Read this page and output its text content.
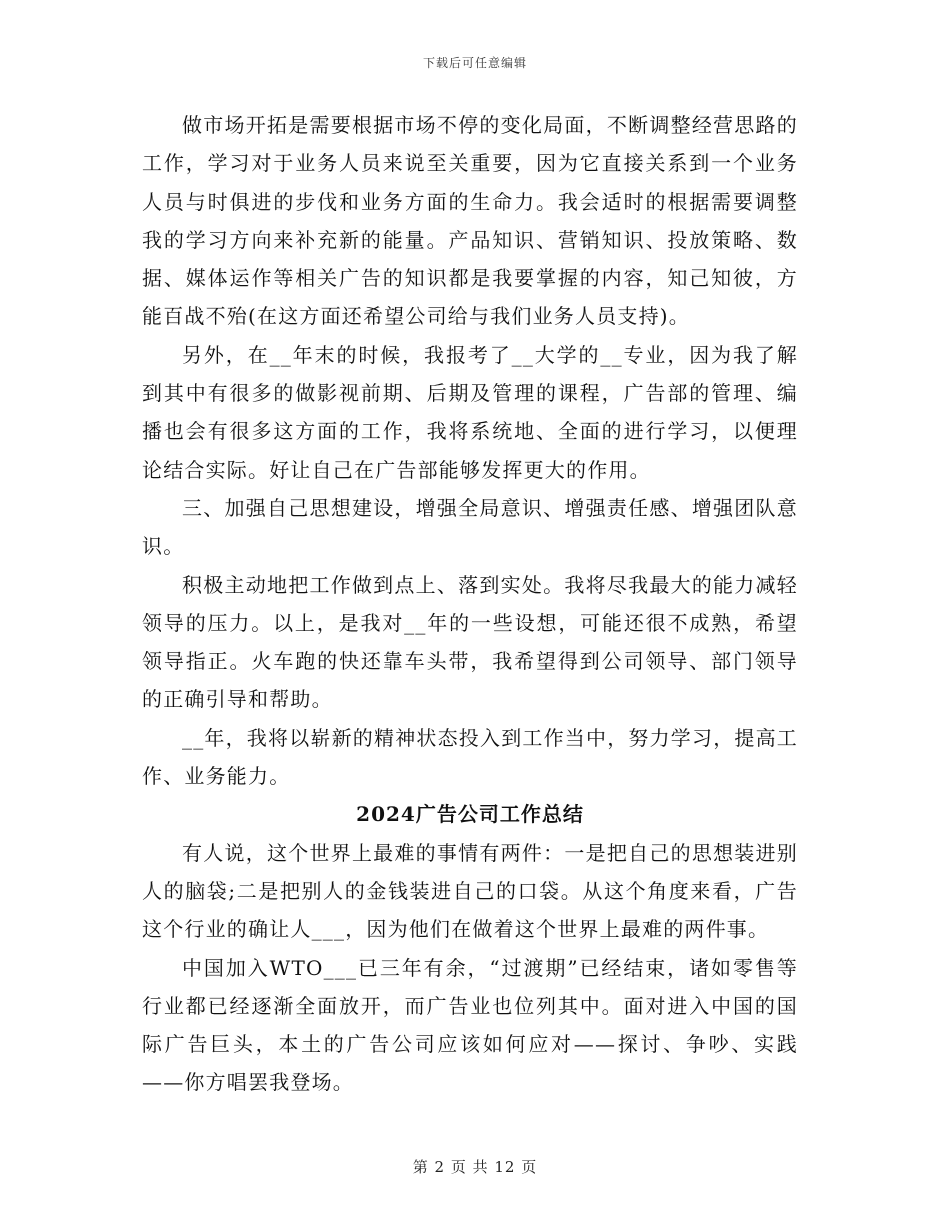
下载后可任意编辑

做市场开拓是需要根据市场不停的变化局面，不断调整经营思路的工作，学习对于业务人员来说至关重要，因为它直接关系到一个业务人员与时俱进的步伐和业务方面的生命力。我会适时的根据需要调整我的学习方向来补充新的能量。产品知识、营销知识、投放策略、数据、媒体运作等相关广告的知识都是我要掌握的内容，知己知彼，方能百战不殆(在这方面还希望公司给与我们业务人员支持)。

另外，在__年末的时候，我报考了__大学的__专业，因为我了解到其中有很多的做影视前期、后期及管理的课程，广告部的管理、编播也会有很多这方面的工作，我将系统地、全面的进行学习，以便理论结合实际。好让自己在广告部能够发挥更大的作用。

三、加强自己思想建设，增强全局意识、增强责任感、增强团队意识。

积极主动地把工作做到点上、落到实处。我将尽我最大的能力减轻领导的压力。以上，是我对__年的一些设想，可能还很不成熟，希望领导指正。火车跑的快还靠车头带，我希望得到公司领导、部门领导的正确引导和帮助。

__年，我将以崭新的精神状态投入到工作当中，努力学习，提高工作、业务能力。

2024广告公司工作总结

有人说，这个世界上最难的事情有两件：一是把自己的思想装进别人的脑袋;二是把别人的金钱装进自己的口袋。从这个角度来看，广告这个行业的确让人___，因为他们在做着这个世界上最难的两件事。

中国加入WTO___已三年有余，“过渡期”已经结束，诸如零售等行业都已经逐渐全面放开，而广告业也位列其中。面对进入中国的国际广告巨头，本土的广告公司应该如何应对——探讨、争吵、实践——你方唱罢我登场。

第 2 页 共 12 页
